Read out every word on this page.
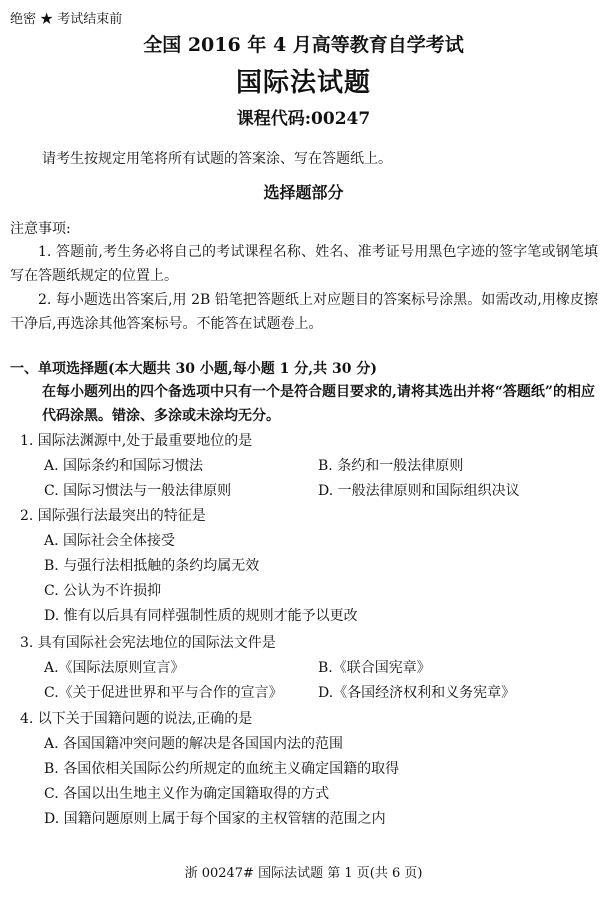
绝密 ★ 考试结束前
全国 2016 年 4 月高等教育自学考试
国际法试题
课程代码:00247
请考生按规定用笔将所有试题的答案涂、写在答题纸上。
选择题部分
注意事项:
1. 答题前,考生务必将自己的考试课程名称、姓名、准考证号用黑色字迹的签字笔或钢笔填写在答题纸规定的位置上。
2. 每小题选出答案后,用 2B 铅笔把答题纸上对应题目的答案标号涂黑。如需改动,用橡皮擦干净后,再选涂其他答案标号。不能答在试题卷上。
一、单项选择题(本大题共 30 小题,每小题 1 分,共 30 分)
在每小题列出的四个备选项中只有一个是符合题目要求的,请将其选出并将“答题纸”的相应代码涂黑。错涂、多涂或未涂均无分。
1. 国际法渊源中,处于最重要地位的是
A. 国际条约和国际习惯法	B. 条约和一般法律原则
C. 国际习惯法与一般法律原则	D. 一般法律原则和国际组织决议
2. 国际强行法最突出的特征是
A. 国际社会全体接受
B. 与强行法相抵触的条约均属无效
C. 公认为不许损抑
D. 惟有以后具有同样强制性质的规则才能予以更改
3. 具有国际社会宪法地位的国际法文件是
A.《国际法原则宣言》	B.《联合国宪章》
C.《关于促进世界和平与合作的宣言》	D.《各国经济权利和义务宪章》
4. 以下关于国籍问题的说法,正确的是
A. 各国国籍冲突问题的解决是各国国内法的范围
B. 各国依相关国际公约所规定的血统主义确定国籍的取得
C. 各国以出生地主义作为确定国籍取得的方式
D. 国籍问题原则上属于每个国家的主权管辖的范围之内
浙 00247# 国际法试题 第 1 页(共 6 页)
